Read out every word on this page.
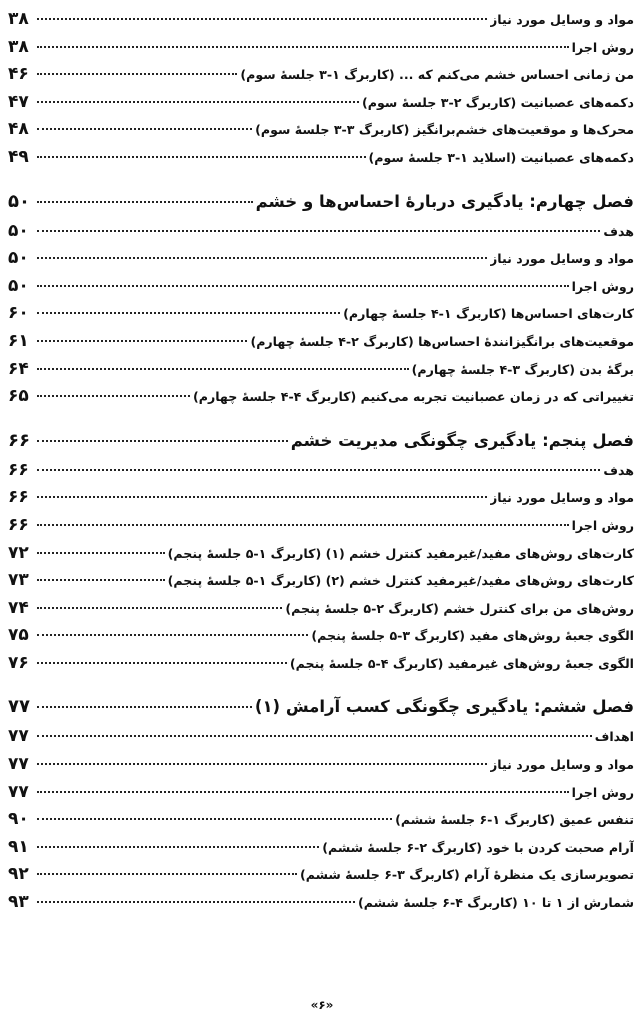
مواد و وسایل مورد نیاز
۳۸
روش اجرا
۳۸
من زمانی احساس خشم می‌کنم که ... (کاربرگ ۱-۳ جلسهٔ سوم)
۴۶
دکمه‌های عصبانیت (کاربرگ ۲-۳ جلسهٔ سوم)
۴۷
محرک‌ها و موقعیت‌های خشم‌برانگیز (کاربرگ ۳-۳ جلسهٔ سوم)
۴۸
دکمه‌های عصبانیت (اسلاید ۱-۳ جلسهٔ سوم)
۴۹
فصل چهارم: یادگیری دربارهٔ احساس‌ها و خشم
۵۰
هدف
۵۰
مواد و وسایل مورد نیاز
۵۰
روش اجرا
۵۰
کارت‌های احساس‌ها (کاربرگ ۱-۴ جلسهٔ چهارم)
۶۰
موقعیت‌های برانگیزانندهٔ احساس‌ها (کاربرگ ۲-۴ جلسهٔ چهارم)
۶۱
برگهٔ بدن (کاربرگ ۳-۴ جلسهٔ چهارم)
۶۴
تغییراتی که در زمان عصبانیت تجربه می‌کنیم (کاربرگ ۴-۴ جلسهٔ چهارم)
۶۵
فصل پنجم: یادگیری چگونگی مدیریت خشم
۶۶
هدف
۶۶
مواد و وسایل مورد نیاز
۶۶
روش اجرا
۶۶
کارت‌های روش‌های مفید/غیرمفید کنترل خشم (۱) (کاربرگ ۱-۵ جلسهٔ پنجم)
۷۲
کارت‌های روش‌های مفید/غیرمفید کنترل خشم (۲) (کاربرگ ۱-۵ جلسهٔ پنجم)
۷۳
روش‌های من برای کنترل خشم (کاربرگ ۲-۵ جلسهٔ پنجم)
۷۴
الگوی جعبهٔ روش‌های مفید (کاربرگ ۳-۵ جلسهٔ پنجم)
۷۵
الگوی جعبهٔ روش‌های غیرمفید (کاربرگ ۴-۵ جلسهٔ پنجم)
۷۶
فصل ششم: یادگیری چگونگی کسب آرامش (۱)
۷۷
اهداف
۷۷
مواد و وسایل مورد نیاز
۷۷
روش اجرا
۷۷
تنفس عمیق (کاربرگ ۱-۶ جلسهٔ ششم)
۹۰
آرام صحبت کردن با خود (کاربرگ ۲-۶ جلسهٔ ششم)
۹۱
تصویرسازی یک منظرهٔ آرام (کاربرگ ۳-۶ جلسهٔ ششم)
۹۲
شمارش از ۱ تا ۱۰ (کاربرگ ۴-۶ جلسهٔ ششم)
۹۳
«۶»
